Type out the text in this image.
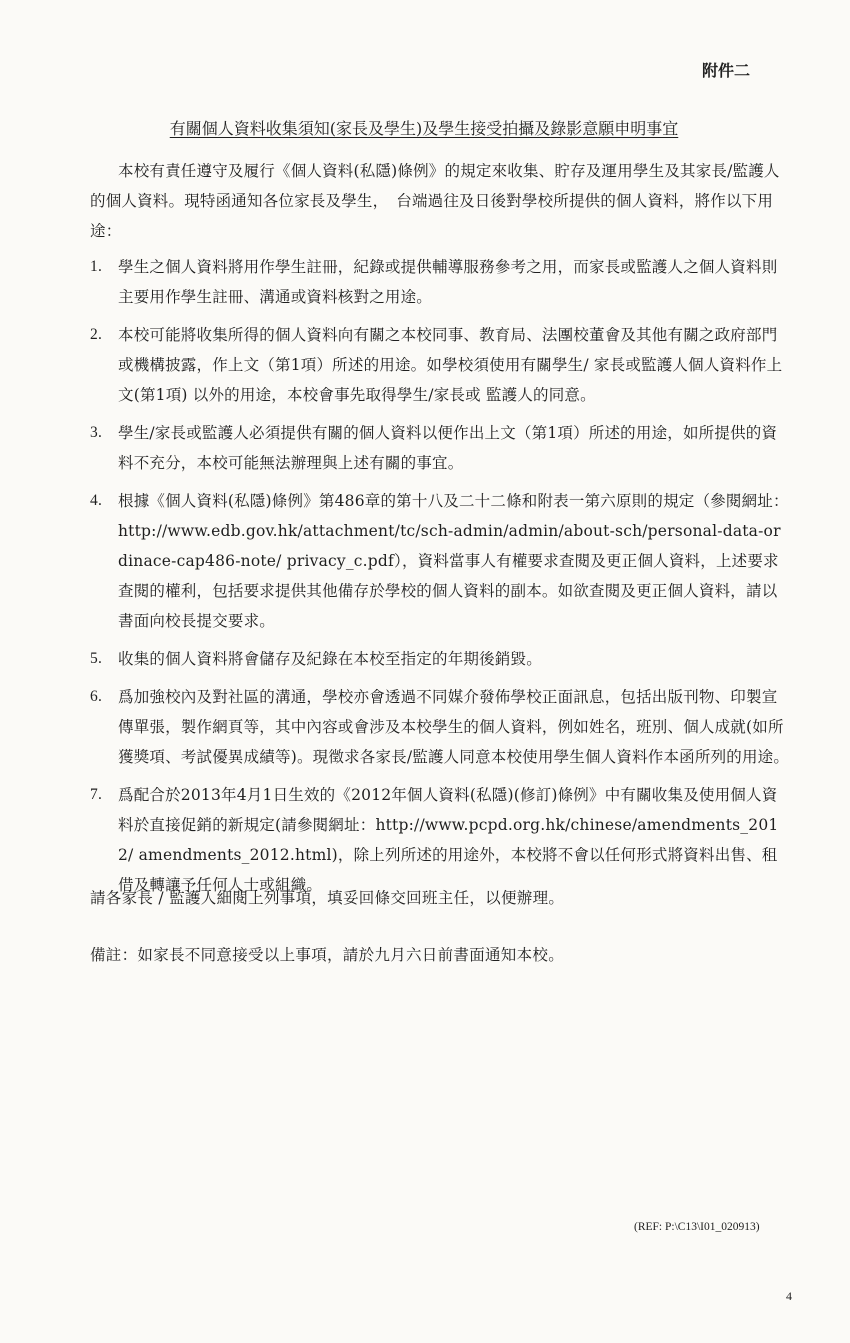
附件二
有關個人資料收集須知(家長及學生)及學生接受拍攝及錄影意願申明事宜
本校有責任遵守及履行《個人資料(私隱)條例》的規定來收集、貯存及運用學生及其家長/監護人的個人資料。現特函通知各位家長及學生，　台端過往及日後對學校所提供的個人資料，將作以下用途：
1.	學生之個人資料將用作學生註冊，紀錄或提供輔導服務參考之用，而家長或監護人之個人資料則主要用作學生註冊、溝通或資料核對之用途。
2.	本校可能將收集所得的個人資料向有關之本校同事、教育局、法團校董會及其他有關之政府部門或機構披露，作上文（第1項）所述的用途。如學校須使用有關學生/ 家長或監護人個人資料作上文(第1項) 以外的用途，本校會事先取得學生/家長或 監護人的同意。
3.	學生/家長或監護人必須提供有關的個人資料以便作出上文（第1項）所述的用途，如所提供的資料不充分，本校可能無法辦理與上述有關的事宜。
4.	根據《個人資料(私隱)條例》第486章的第十八及二十二條和附表一第六原則的規定（參閱網址：http://www.edb.gov.hk/attachment/tc/sch-admin/admin/about-sch/personal-data-ordinace-cap486-note/ privacy_c.pdf），資料當事人有權要求查閱及更正個人資料，上述要求查閱的權利，包括要求提供其他備存於學校的個人資料的副本。如欲查閱及更正個人資料，請以書面向校長提交要求。
5.	收集的個人資料將會儲存及紀錄在本校至指定的年期後銷毀。
6.	爲加強校內及對社區的溝通，學校亦會透過不同媒介發佈學校正面訊息，包括出版刊物、印製宣傳單張，製作網頁等，其中內容或會涉及本校學生的個人資料，例如姓名，班別、個人成就(如所獲獎項、考試優異成績等)。現徵求各家長/監護人同意本校使用學生個人資料作本函所列的用途。
7.	爲配合於2013年4月1日生效的《2012年個人資料(私隱)(修訂)條例》中有關收集及使用個人資料於直接促銷的新規定(請參閱網址：http://www.pcpd.org.hk/chinese/amendments_2012/ amendments_2012.html)，除上列所述的用途外，本校將不會以任何形式將資料出售、租借及轉讓予任何人士或組織。
請各家長 / 監護人細閱上列事項，填妥回條交回班主任，以便辦理。
備註：如家長不同意接受以上事項，請於九月六日前書面通知本校。
(REF: P:\C13\I01_020913)
4
